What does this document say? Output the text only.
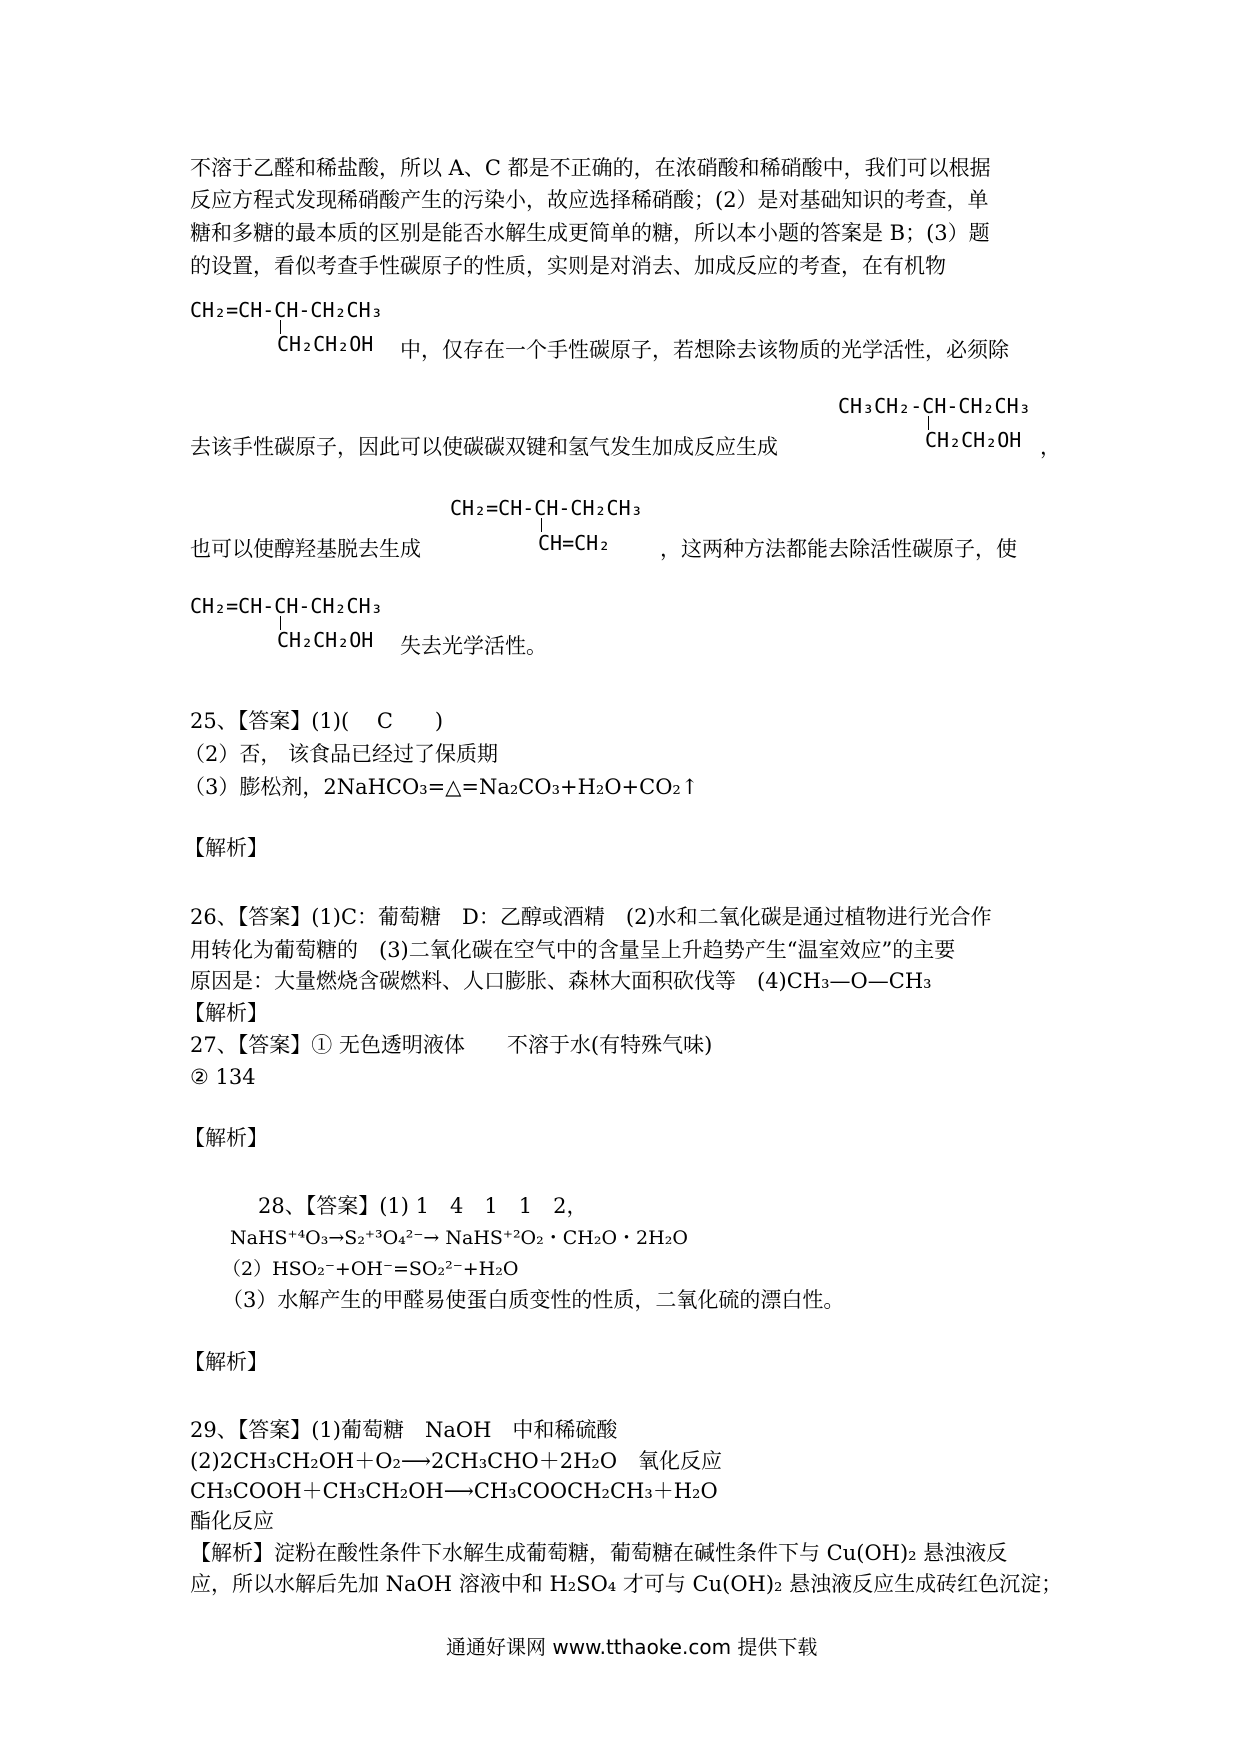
不溶于乙醛和稀盐酸，所以 A、C 都是不正确的，在浓硝酸和稀硝酸中，我们可以根据
反应方程式发现稀硝酸产生的污染小，故应选择稀硝酸；(2）是对基础知识的考查，单
糖和多糖的最本质的区别是能否水解生成更简单的糖，所以本小题的答案是 B；(3）题
的设置，看似考查手性碳原子的性质，实则是对消去、加成反应的考查，在有机物
CH₂=CH-CH-CH₂CH₃
CH₂CH₂OH 中，仅存在一个手性碳原子，若想除去该物质的光学活性，必须除
CH₃CH₂-CH-CH₂CH₃
CH₂CH₂OH
去该手性碳原子，因此可以使碳碳双键和氢气发生加成反应生成	，
CH₂=CH-CH-CH₂CH₃
CH=CH₂
也可以使醇羟基脱去生成	，这两种方法都能去除活性碳原子，使
CH₂=CH-CH-CH₂CH₃
CH₂CH₂OH 失去光学活性。
25、【答案】(1)(　 C　　)
（2）否， 该食品已经过了保质期
（3）膨松剂，2NaHCO₃=△=Na₂CO₃+H₂O+CO₂↑
【解析】
26、【答案】(1)C：葡萄糖　D：乙醇或酒精　(2)水和二氧化碳是通过植物进行光合作
用转化为葡萄糖的　(3)二氧化碳在空气中的含量呈上升趋势产生“温室效应”的主要
原因是：大量燃烧含碳燃料、人口膨胀、森林大面积砍伐等　(4)CH₃—O—CH₃
【解析】
27、【答案】① 无色透明液体　　不溶于水(有特殊气味)
② 134
【解析】
28、【答案】(1) 1　4　1　1　2，
NaHS⁺⁴O₃→S₂⁺³O₄²⁻→ NaHS⁺²O₂・CH₂O・2H₂O
（2）HSO₂⁻+OH⁻=SO₂²⁻+H₂O
（3）水解产生的甲醛易使蛋白质变性的性质，二氧化硫的漂白性。
【解析】
29、【答案】(1)葡萄糖　NaOH　中和稀硫酸
(2)2CH₃CH₂OH＋O₂⟶2CH₃CHO＋2H₂O　氧化反应
CH₃COOH＋CH₃CH₂OH⟶CH₃COOCH₂CH₃＋H₂O
酯化反应
【解析】淀粉在酸性条件下水解生成葡萄糖，葡萄糖在碱性条件下与 Cu(OH)₂ 悬浊液反
应，所以水解后先加 NaOH 溶液中和 H₂SO₄ 才可与 Cu(OH)₂ 悬浊液反应生成砖红色沉淀；
通通好课网 www.tthaoke.com 提供下载
